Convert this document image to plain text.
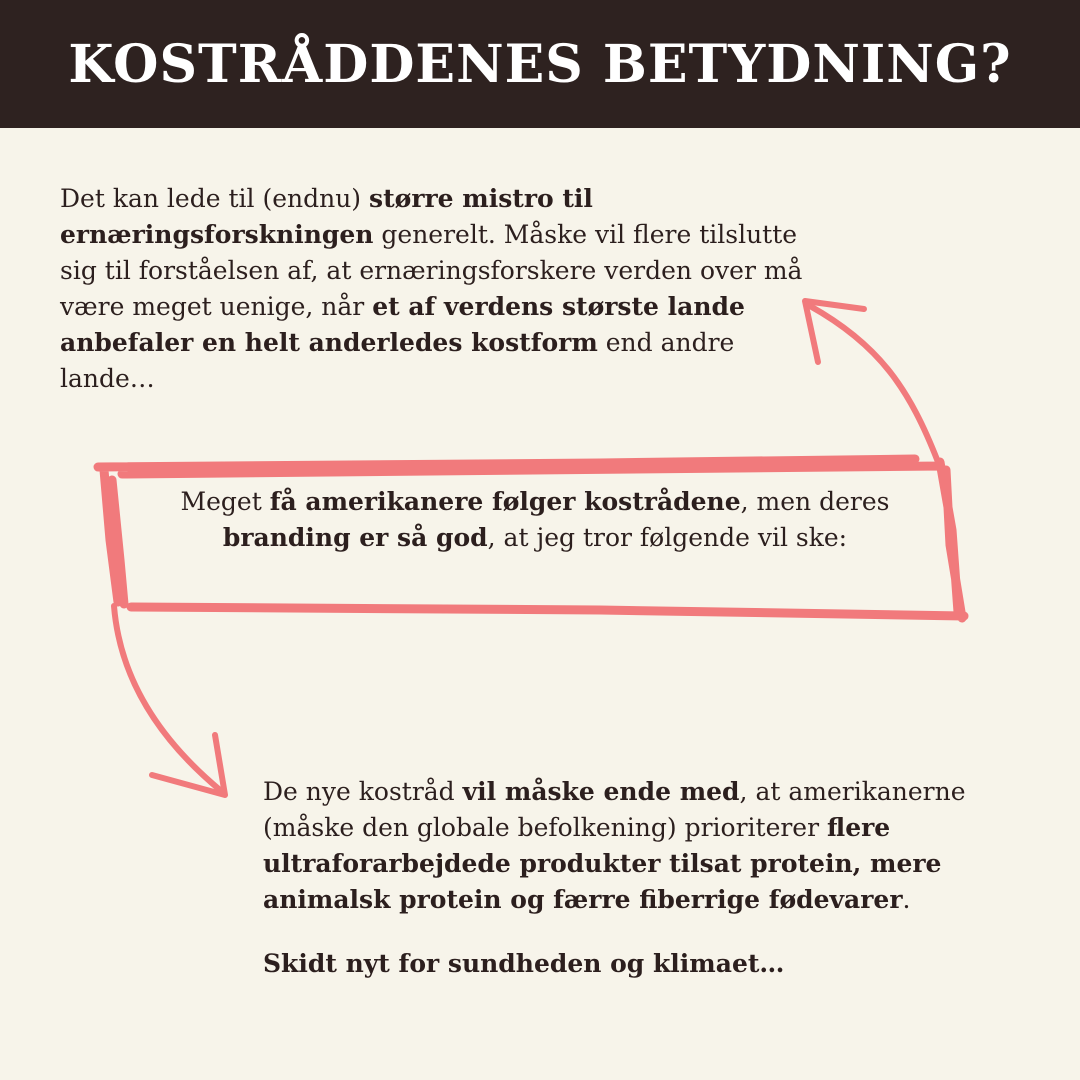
KOSTRÅDDENES BETYDNING?
Det kan lede til (endnu) større mistro til ernæringsforskningen generelt. Måske vil flere tilslutte sig til forståelsen af, at ernæringsforskere verden over må være meget uenige, når et af verdens største lande anbefaler en helt anderledes kostform end andre lande…
Meget få amerikanere følger kostrådene, men deres branding er så god, at jeg tror følgende vil ske:
De nye kostråd vil måske ende med, at amerikanerne (måske den globale befolkening) prioriterer flere ultraforarbejdede produkter tilsat protein, mere animalsk protein og færre fiberrige fødevarer.
Skidt nyt for sundheden og klimaet…
